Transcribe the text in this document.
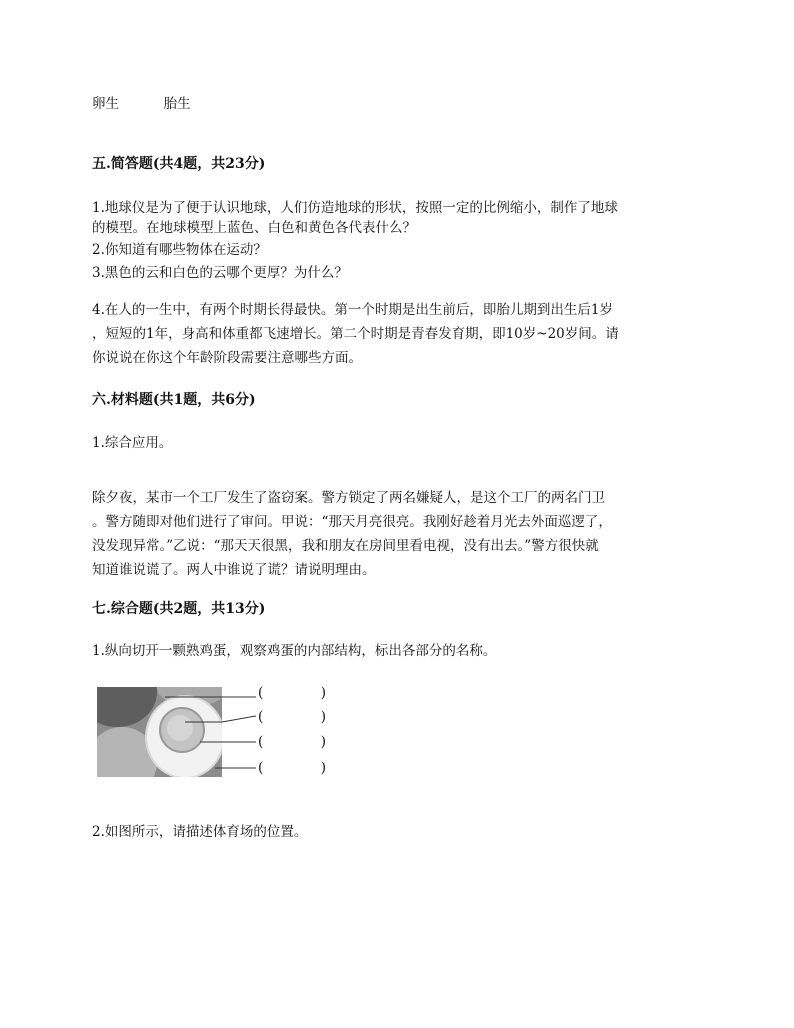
卵生	胎生
五.简答题(共4题，共23分)
1.地球仪是为了便于认识地球，人们仿造地球的形状，按照一定的比例缩小，制作了地球
的模型。在地球模型上蓝色、白色和黄色各代表什么？
2.你知道有哪些物体在运动？
3.黑色的云和白色的云哪个更厚？为什么？
4.在人的一生中，有两个时期长得最快。第一个时期是出生前后，即胎儿期到出生后1岁
，短短的1年，身高和体重都飞速增长。第二个时期是青春发育期，即10岁~20岁间。请
你说说在你这个年龄阶段需要注意哪些方面。
六.材料题(共1题，共6分)
1.综合应用。
除夕夜，某市一个工厂发生了盗窃案。警方锁定了两名嫌疑人，是这个工厂的两名门卫
。警方随即对他们进行了审问。甲说：“那天月亮很亮。我刚好趁着月光去外面巡逻了，
没发现异常。”乙说：“那天天很黑，我和朋友在房间里看电视，没有出去。”警方很快就
知道谁说谎了。两人中谁说了谎？请说明理由。
七.综合题(共2题，共13分)
1.纵向切开一颗熟鸡蛋，观察鸡蛋的内部结构，标出各部分的名称。
(	)
(	)
(	)
(	)
2.如图所示，请描述体育场的位置。
